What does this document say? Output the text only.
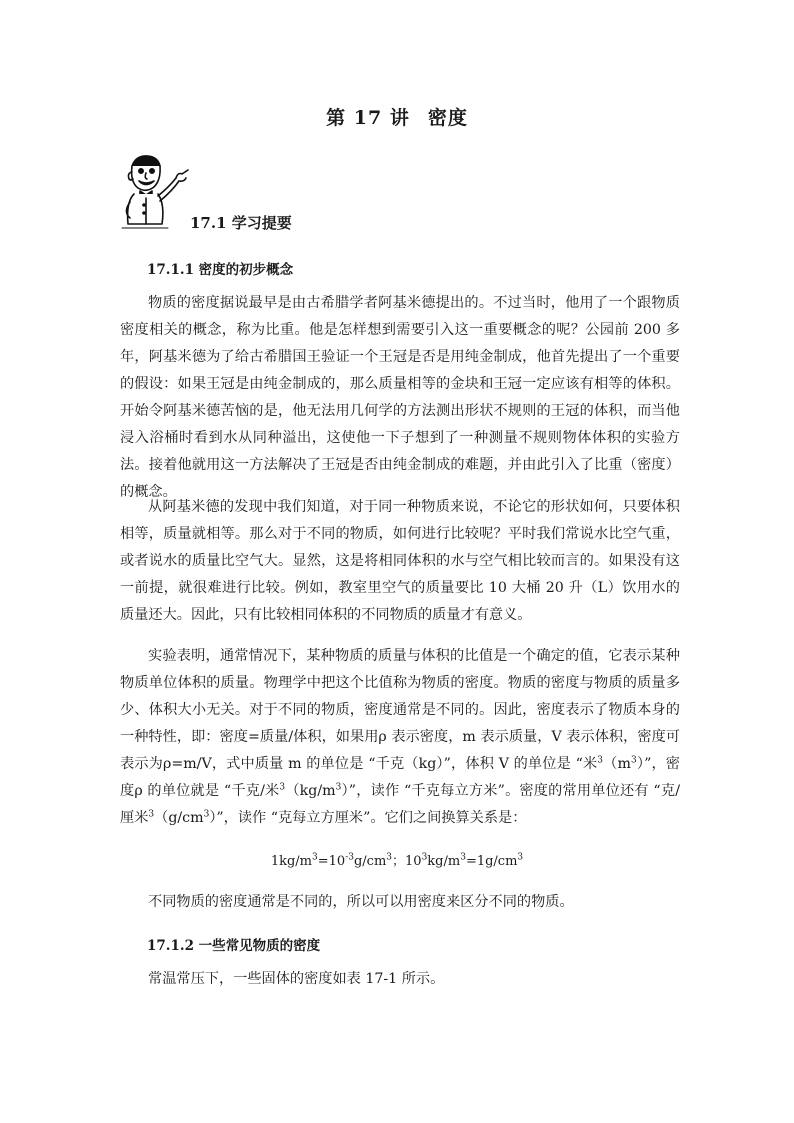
第 17 讲 密度
17.1 学习提要
17.1.1 密度的初步概念

物质的密度据说最早是由古希腊学者阿基米德提出的。不过当时，他用了一个跟物质密度相关的概念，称为比重。他是怎样想到需要引入这一重要概念的呢？公园前 200 多年，阿基米德为了给古希腊国王验证一个王冠是否是用纯金制成，他首先提出了一个重要的假设：如果王冠是由纯金制成的，那么质量相等的金块和王冠一定应该有相等的体积。开始令阿基米德苦恼的是，他无法用几何学的方法测出形状不规则的王冠的体积，而当他浸入浴桶时看到水从同种溢出，这使他一下子想到了一种测量不规则物体体积的实验方法。接着他就用这一方法解决了王冠是否由纯金制成的难题，并由此引入了比重（密度）的概念。

从阿基米德的发现中我们知道，对于同一种物质来说，不论它的形状如何，只要体积相等，质量就相等。那么对于不同的物质，如何进行比较呢？平时我们常说水比空气重，或者说水的质量比空气大。显然，这是将相同体积的水与空气相比较而言的。如果没有这一前提，就很难进行比较。例如，教室里空气的质量要比 10 大桶 20 升（L）饮用水的质量还大。因此，只有比较相同体积的不同物质的质量才有意义。

实验表明，通常情况下，某种物质的质量与体积的比值是一个确定的值，它表示某种物质单位体积的质量。物理学中把这个比值称为物质的密度。物质的密度与物质的质量多少、体积大小无关。对于不同的物质，密度通常是不同的。因此，密度表示了物质本身的一种特性，即：密度=质量/体积，如果用ρ 表示密度，m 表示质量，V 表示体积，密度可表示为ρ=m/V，式中质量 m 的单位是 “千克（kg）”，体积 V 的单位是 “米$^3(m^3)$”，密度ρ 的单位就是 “千克/米$^3(kg/m^3)$”，读作 “千克每立方米”。密度的常用单位还有 “克/厘米$^3(g/cm^3)$”，读作 “克每立方厘米”。它们之间换算关系是：

$1kg/m^3=10^{-3}g/cm^3$；$10^3kg/m^3=1g/cm^3$

不同物质的密度通常是不同的，所以可以用密度来区分不同的物质。

17.1.2 一些常见物质的密度

常温常压下，一些固体的密度如表 17-1 所示。
